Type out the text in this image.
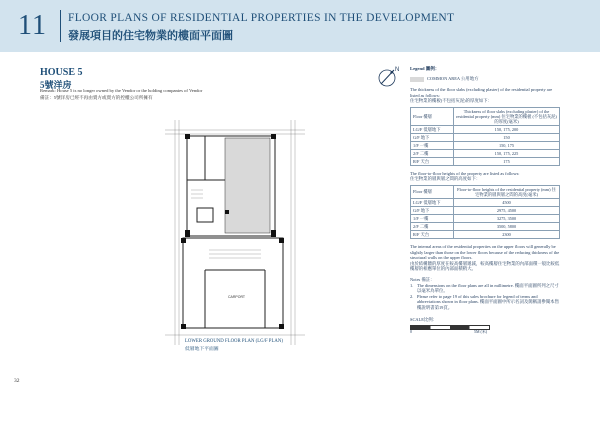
11 FLOOR PLANS OF RESIDENTIAL PROPERTIES IN THE DEVELOPMENT
發展項目的住宅物業的樓面平面圖
HOUSE 5
5號洋房
Remark: House 5 is no longer owned by the Vendor or the holding companies of Vendor
備註：5號洋房已經不再由賣方或賣方的控權公司所擁有
N
CARPORT
LOWER GROUND FLOOR PLAN (LG/F PLAN)
低層地下平面圖
32
Legend 圖例：
COMMON AREA 公用地方

The thickness of the floor slabs (excluding plaster) of the residential property are listed as follows:

住宅物業的樓板(不包括灰泥)的厚度如下：

Floor 樓層	Thickness of floor slabs (excluding plaster) of the residential property (mm) 住宅物業的樓板 (不包括灰泥)的厚度(毫米)
LG/F 低層地下	150, 175, 200
G/F 地下	150
1/F 一樓	150, 175
2/F 二樓	150, 175, 225
R/F 天台	175

The floor-to-floor heights of the property are listed as follows:

住宅物業的層與層之間的高度如下：

Floor 樓層	Floor-to-floor heights of the residential property (mm) 住宅物業的層與層之間的高度(毫米)
LG/F 低層地下	4500
G/F 地下	2975, 4500
1/F 一樓	3275, 3500
2/F 二樓	3500, 5800
R/F 天台	2300

The internal areas of the residential properties on the upper floors will generally be slightly larger than those on the lower floors because of the reducing thickness of the structural walls on the upper floors.

由於結構牆的厚度在較高樓層遞減，較高樓層住宅物業的內部面積一般比較低樓層的相應單位的內部面積稍大。

Notes 備註：

1. The dimensions on the floor plans are all in millimetre. 樓面平面圖所列之尺寸以毫米為單位。
2. Please refer to page 19 of this sales brochure for legend of terms and abbreviations shown in floor plans. 樓面平面圖中所示名詞及簡稱請參閱本售樓說明書第19頁。
SCALE比例：
0	5M (米)
